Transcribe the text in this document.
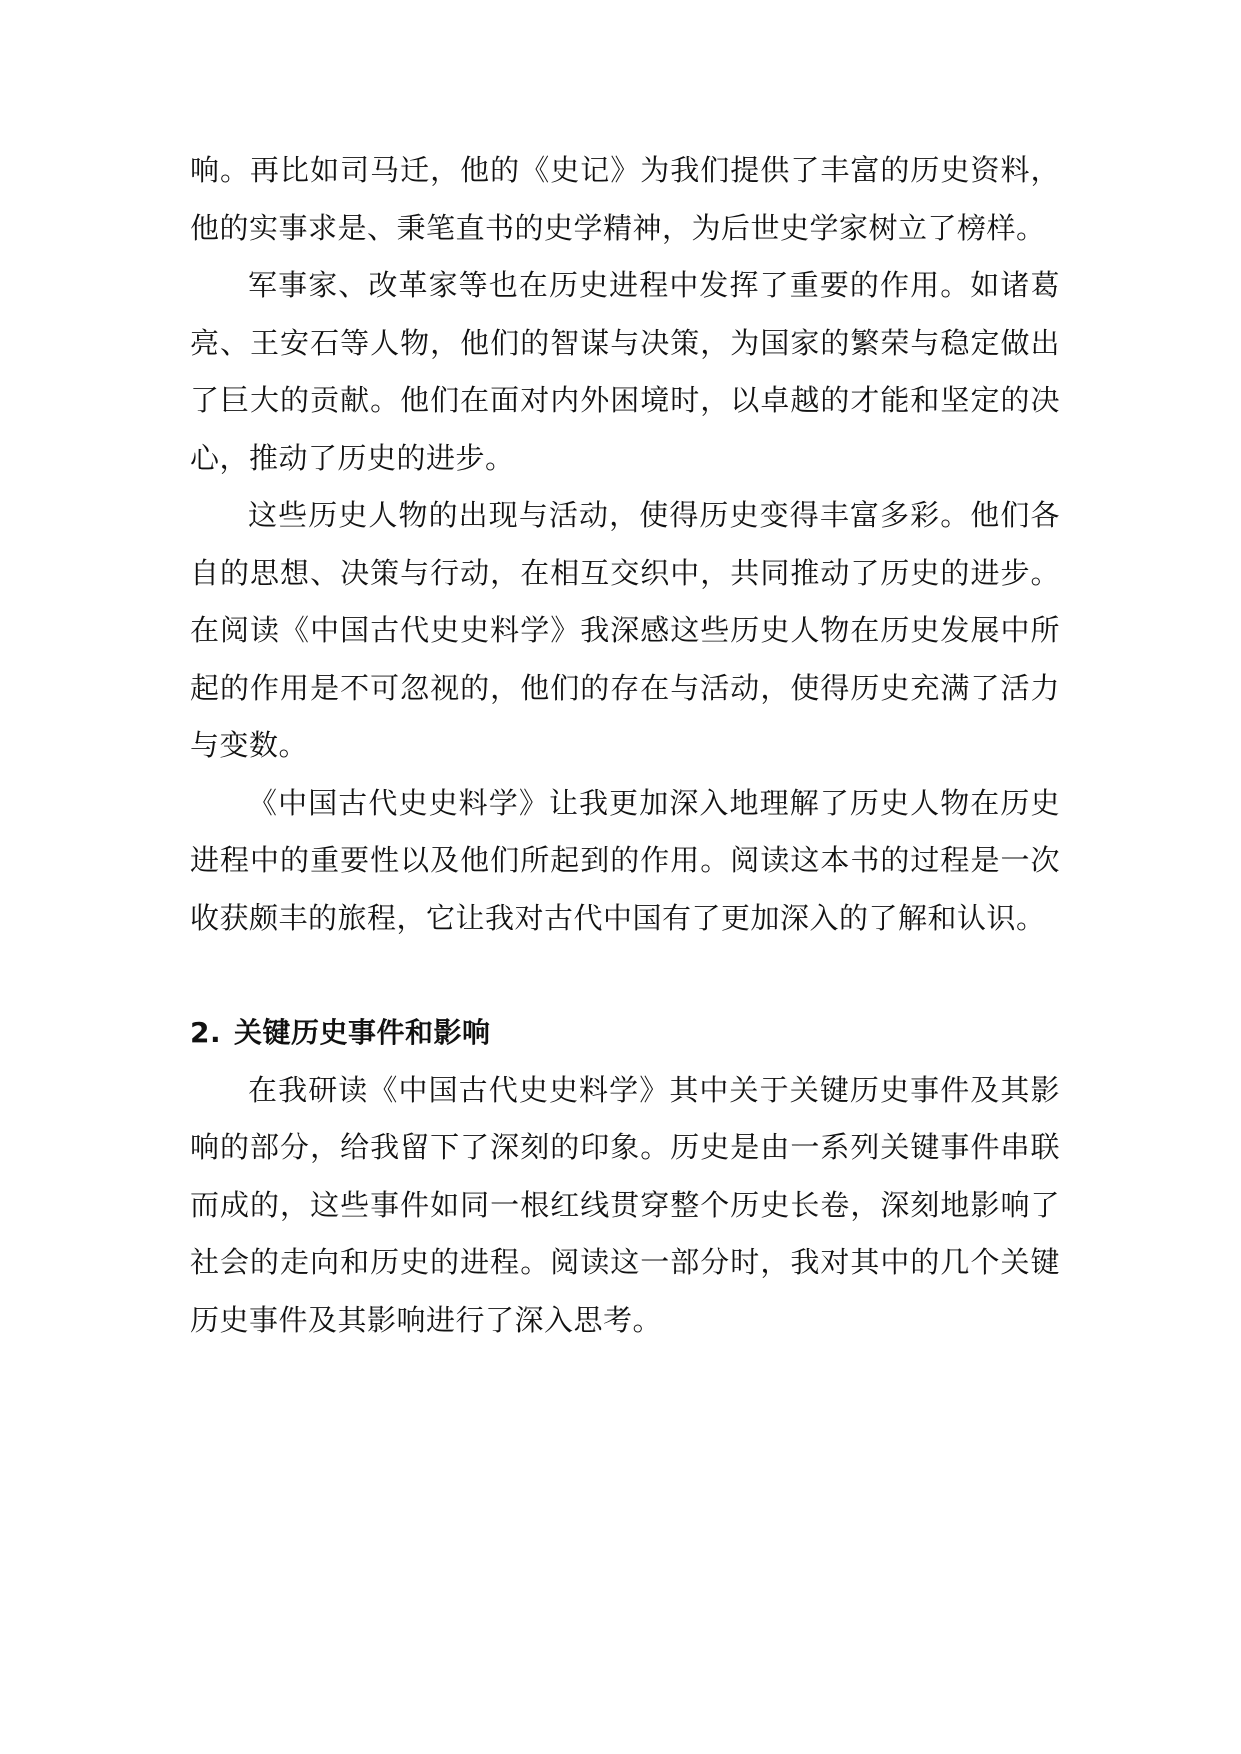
响。再比如司马迁，他的《史记》为我们提供了丰富的历史资料，他的实事求是、秉笔直书的史学精神，为后世史学家树立了榜样。

军事家、改革家等也在历史进程中发挥了重要的作用。如诸葛亮、王安石等人物，他们的智谋与决策，为国家的繁荣与稳定做出了巨大的贡献。他们在面对内外困境时，以卓越的才能和坚定的决心，推动了历史的进步。

这些历史人物的出现与活动，使得历史变得丰富多彩。他们各自的思想、决策与行动，在相互交织中，共同推动了历史的进步。在阅读《中国古代史史料学》我深感这些历史人物在历史发展中所起的作用是不可忽视的，他们的存在与活动，使得历史充满了活力与变数。

《中国古代史史料学》让我更加深入地理解了历史人物在历史进程中的重要性以及他们所起到的作用。阅读这本书的过程是一次收获颇丰的旅程，它让我对古代中国有了更加深入的了解和认识。

2. 关键历史事件和影响

在我研读《中国古代史史料学》其中关于关键历史事件及其影响的部分，给我留下了深刻的印象。历史是由一系列关键事件串联而成的，这些事件如同一根红线贯穿整个历史长卷，深刻地影响了社会的走向和历史的进程。阅读这一部分时，我对其中的几个关键历史事件及其影响进行了深入思考。
